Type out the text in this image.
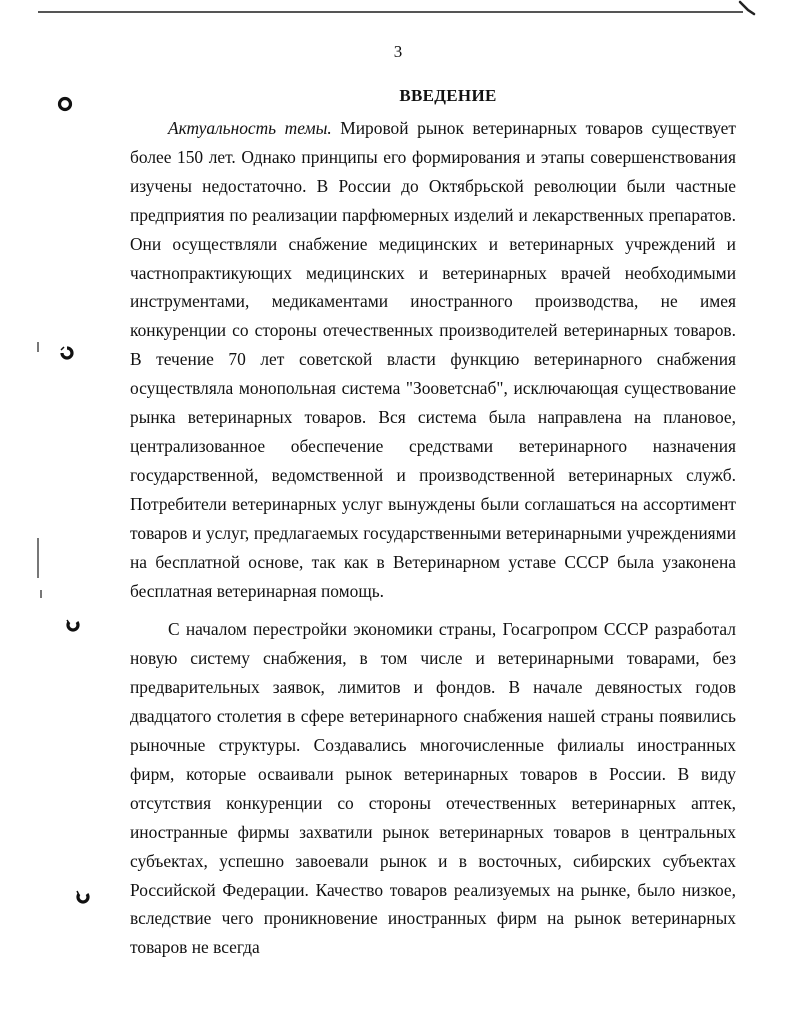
3
ВВЕДЕНИЕ

Актуальность темы. Мировой рынок ветеринарных товаров существует более 150 лет. Однако принципы его формирования и этапы совершенствования изучены недостаточно. В России до Октябрьской революции были частные предприятия по реализации парфюмерных изделий и лекарственных препаратов. Они осуществляли снабжение медицинских и ветеринарных учреждений и частнопрактикующих медицинских и ветеринарных врачей необходимыми инструментами, медикаментами иностранного производства, не имея конкуренции со стороны отечественных производителей ветеринарных товаров. В течение 70 лет советской власти функцию ветеринарного снабжения осуществляла монопольная система "Зооветснаб", исключающая существование рынка ветеринарных товаров. Вся система была направлена на плановое, централизованное обеспечение средствами ветеринарного назначения государственной, ведомственной и производственной ветеринарных служб. Потребители ветеринарных услуг вынуждены были соглашаться на ассортимент товаров и услуг, предлагаемых государственными ветеринарными учреждениями на бесплатной основе, так как в Ветеринарном уставе СССР была узаконена бесплатная ветеринарная помощь.

С началом перестройки экономики страны, Госагропром СССР разработал новую систему снабжения, в том числе и ветеринарными товарами, без предварительных заявок, лимитов и фондов. В начале девяностых годов двадцатого столетия в сфере ветеринарного снабжения нашей страны появились рыночные структуры. Создавались многочисленные филиалы иностранных фирм, которые осваивали рынок ветеринарных товаров в России. В виду отсутствия конкуренции со стороны отечественных ветеринарных аптек, иностранные фирмы захватили рынок ветеринарных товаров в центральных субъектах, успешно завоевали рынок и в восточных, сибирских субъектах Российской Федерации. Качество товаров реализуемых на рынке, было низкое, вследствие чего проникновение иностранных фирм на рынок ветеринарных товаров не всегда
